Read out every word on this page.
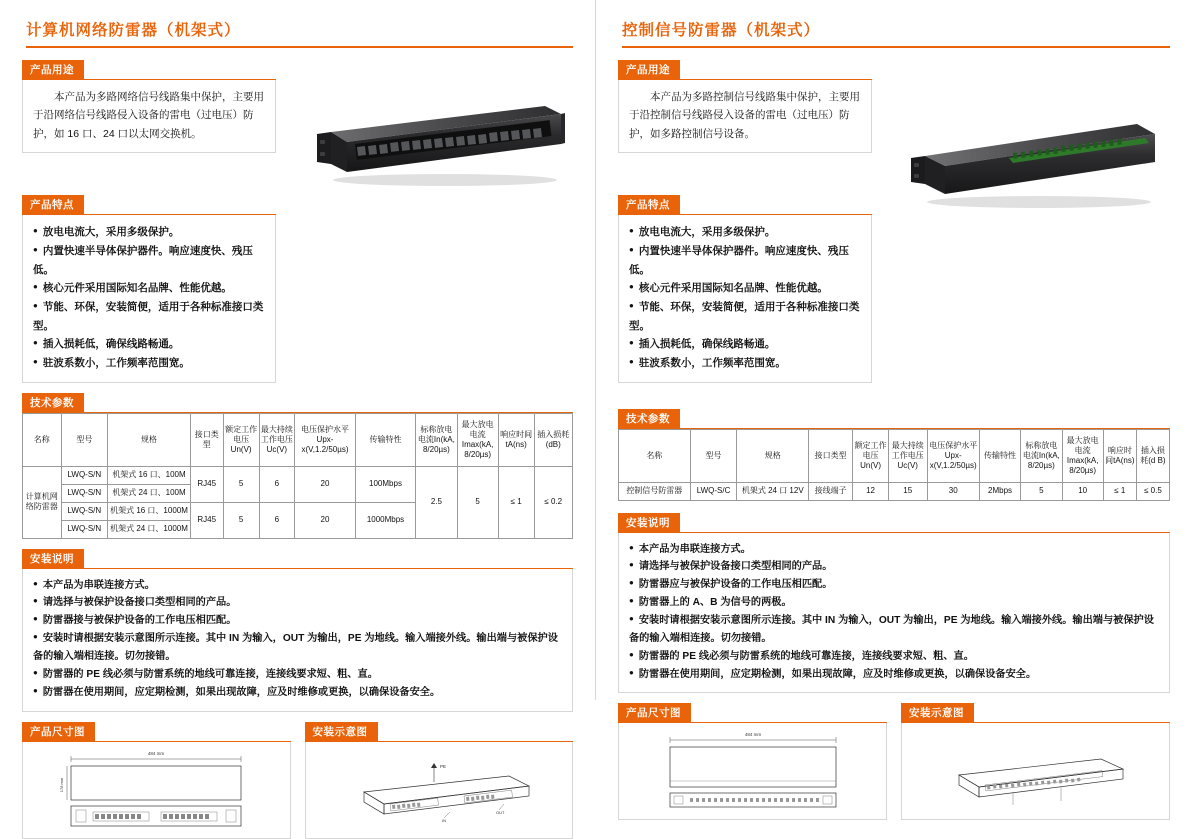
计算机网络防雷器（机架式）
产品用途

本产品为多路网络信号线路集中保护，主要用于沿网络信号线路侵入设备的雷电（过电压）防护，如 16 口、24 口以太网交换机。

产品特点
● 放电电流大，采用多级保护。
● 内置快速半导体保护器件。响应速度快、残压低。
● 核心元件采用国际知名品牌、性能优越。
● 节能、环保，安装简便，适用于各种标准接口类型。
● 插入损耗低，确保线路畅通。
● 驻波系数小，工作频率范围宽。
技术参数
名称	型号	规格	接口类型	额定工作电压Un(V)	最大持续工作电压Uc(V)	电压保护水平Upx-x(V,1.2/50µs)	传输特性	标称放电电流In(kA, 8/20µs)	最大放电电流Imax(kA, 8/20µs)	响应时间tA(ns)	插入损耗(dB)
计算机网络防雷器	LWQ-S/N	机架式 16 口、100M	RJ45	5	6	20	100Mbps	2.5	5	≤ 1	≤ 0.2
	LWQ-S/N	机架式 24 口、100M									
	LWQ-S/N	机架式 16 口、1000M	RJ45	5	6	20	1000Mbps				
	LWQ-S/N	机架式 24 口、1000M									
安装说明
● 本产品为串联连接方式。
● 请选择与被保护设备接口类型相同的产品。
● 防雷器接与被保护设备的工作电压相匹配。
● 安装时请根据安装示意图所示连接。其中 IN 为输入，OUT 为输出，PE 为地线。输入端接外线。输出端与被保护设备的输入端相连接。切勿接错。
● 防雷器的 PE 线必须与防雷系统的地线可靠连接，连接线要求短、粗、直。
● 防雷器在使用期间，应定期检测，如果出现故障，应及时维修或更换，以确保设备安全。
产品尺寸图
484 mm
178 mm
安装示意图
PE
IN
OUT
控制信号防雷器（机架式）
产品用途

本产品为多路控制信号线路集中保护，主要用于沿控制信号线路侵入设备的雷电（过电压）防护，如多路控制信号设备。

产品特点
● 放电电流大，采用多级保护。
● 内置快速半导体保护器件。响应速度快、残压低。
● 核心元件采用国际知名品牌、性能优越。
● 节能、环保，安装简便，适用于各种标准接口类型。
● 插入损耗低，确保线路畅通。
● 驻波系数小，工作频率范围宽。
技术参数
名称	型号	规格	接口类型	额定工作电压Un(V)	最大持续工作电压Uc(V)	电压保护水平Upx-x(V,1.2/50µs)	传输特性	标称放电电流In(kA, 8/20µs)	最大放电电流Imax(kA, 8/20µs)	响应时间tA(ns)	插入损耗(d B)
控制信号防雷器	LWQ-S/C	机架式 24 口 12V	接线端子	12	15	30	2Mbps	5	10	≤ 1	≤ 0.5
安装说明
● 本产品为串联连接方式。
● 请选择与被保护设备接口类型相同的产品。
● 防雷器应与被保护设备的工作电压相匹配。
● 防雷器上的 A、B 为信号的两极。
● 安装时请根据安装示意图所示连接。其中 IN 为输入，OUT 为输出，PE 为地线。输入端接外线。输出端与被保护设备的输入端相连接。切勿接错。
● 防雷器的 PE 线必须与防雷系统的地线可靠连接，连接线要求短、粗、直。
● 防雷器在使用期间，应定期检测，如果出现故障，应及时维修或更换，以确保设备安全。
产品尺寸图
484 mm
安装示意图
